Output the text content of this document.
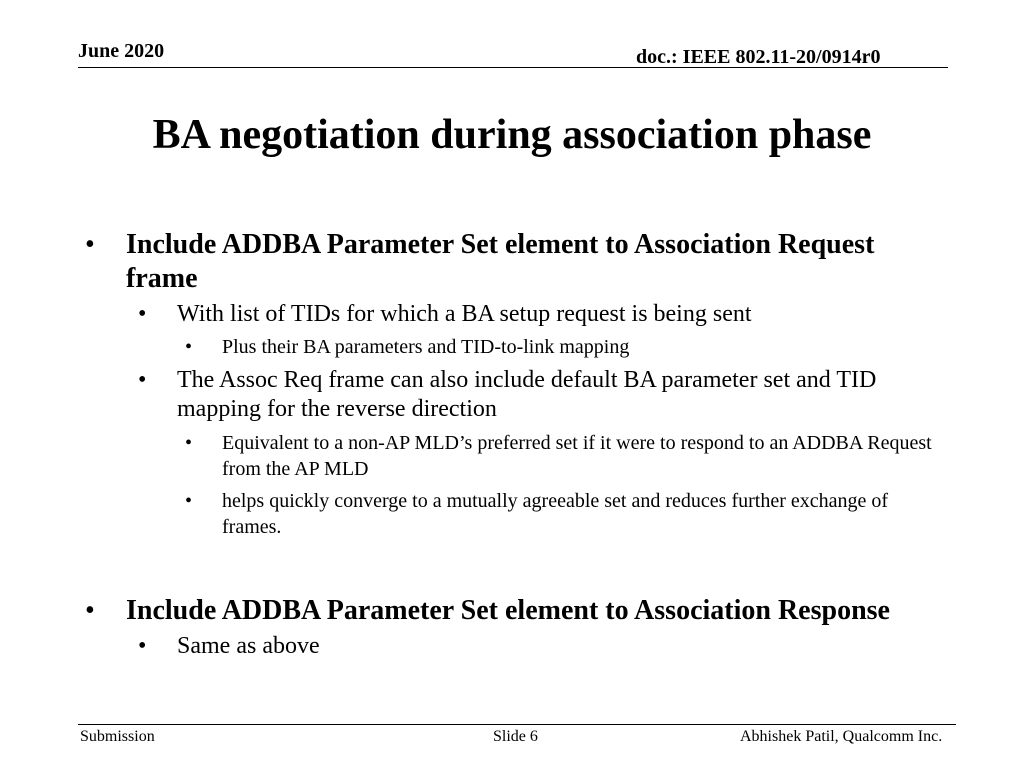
June 2020	doc.: IEEE 802.11-20/0914r0
BA negotiation during association phase
• Include ADDBA Parameter Set element to Association Request frame
• With list of TIDs for which a BA setup request is being sent
• Plus their BA parameters and TID-to-link mapping
• The Assoc Req frame can also include default BA parameter set and TID mapping for the reverse direction
• Equivalent to a non-AP MLD’s preferred set if it were to respond to an ADDBA Request from the AP MLD
• helps quickly converge to a mutually agreeable set and reduces further exchange of frames.
• Include ADDBA Parameter Set element to Association Response
• Same as above
Submission	Slide 6	Abhishek Patil, Qualcomm Inc.
